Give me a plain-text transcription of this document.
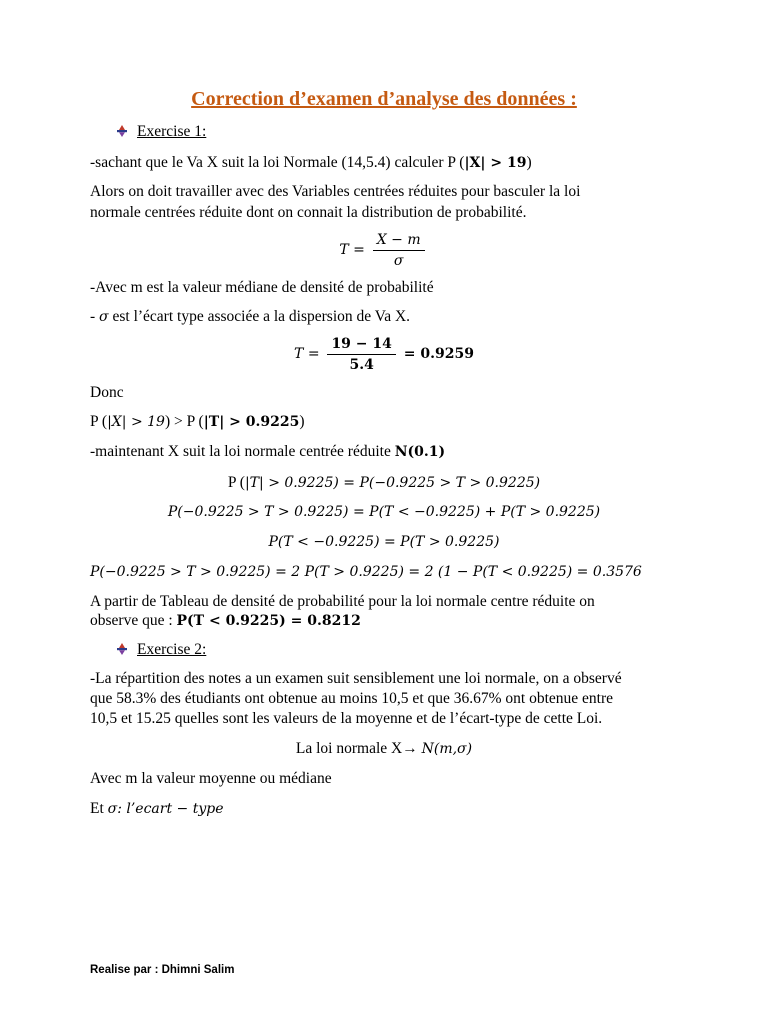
Correction d’examen d’analyse des données :
Exercise 1:
-sachant que le Va X suit la loi Normale (14,5.4) calculer P (|X| > 19)
Alors on doit travailler avec des Variables centrées réduites pour basculer la loi
normale centrées réduite dont on connait la distribution de probabilité.
$T = \frac{X - m}{\sigma}$
-Avec m est la valeur médiane de densité de probabilité
- σ est l’écart type associée a la dispersion de Va X.
$T = \frac{19 - 14}{5.4} = 0.9259$
Donc
P (|X| > 19) > P (|T| > 0.9225)
-maintenant X suit la loi normale centrée réduite N(0.1)
P (|T| > 0.9225) = P(−0.9225 > T > 0.9225)
P(−0.9225 > T > 0.9225) = P(T < −0.9225) + P(T > 0.9225)
P(T < −0.9225) = P(T > 0.9225)
P(−0.9225 > T > 0.9225) = 2 P(T > 0.9225) = 2 (1 − P(T < 0.9225) = 0.3576
A partir de Tableau de densité de probabilité pour la loi normale centre réduite on
observe que : P(T < 0.9225) = 0.8212
Exercise 2:
-La répartition des notes a un examen suit sensiblement une loi normale, on a observé
que 58.3% des étudiants ont obtenue au moins 10,5 et que 36.67% ont obtenue entre
10,5 et 15.25 quelles sont les valeurs de la moyenne et de l’écart-type de cette Loi.
La loi normale X→ N(m,σ)
Avec m la valeur moyenne ou médiane
Et σ: l’ecart − type
Realise par : Dhimni Salim
